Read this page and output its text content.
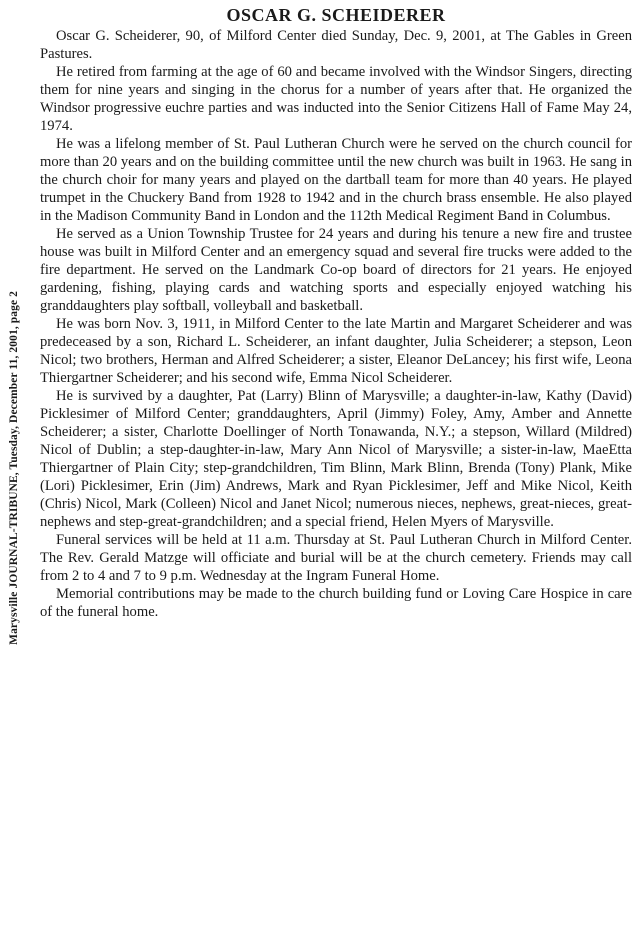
Marysville JOURNAL-TRIBUNE, Tuesday, December 11, 2001, page 2
OSCAR G. SCHEIDERER

Oscar G. Scheiderer, 90, of Milford Center died Sunday, Dec. 9, 2001, at The Gables in Green Pastures.

He retired from farming at the age of 60 and became involved with the Windsor Singers, directing them for nine years and singing in the chorus for a number of years after that. He organized the Windsor progressive euchre parties and was inducted into the Senior Citizens Hall of Fame May 24, 1974.

He was a lifelong member of St. Paul Lutheran Church were he served on the church council for more than 20 years and on the building committee until the new church was built in 1963. He sang in the church choir for many years and played on the dartball team for more than 40 years. He played trumpet in the Chuckery Band from 1928 to 1942 and in the church brass ensemble. He also played in the Madison Community Band in London and the 112th Medical Regiment Band in Columbus.

He served as a Union Township Trustee for 24 years and during his tenure a new fire and trustee house was built in Milford Center and an emergency squad and several fire trucks were added to the fire department. He served on the Landmark Co-op board of directors for 21 years. He enjoyed gardening, fishing, playing cards and watching sports and especially enjoyed watching his granddaughters play softball, volleyball and basketball.

He was born Nov. 3, 1911, in Milford Center to the late Martin and Margaret Scheiderer and was predeceased by a son, Richard L. Scheiderer, an infant daughter, Julia Scheiderer; a stepson, Leon Nicol; two brothers, Herman and Alfred Scheiderer; a sister, Eleanor DeLancey; his first wife, Leona Thiergartner Scheiderer; and his second wife, Emma Nicol Scheiderer.

He is survived by a daughter, Pat (Larry) Blinn of Marysville; a daughter-in-law, Kathy (David) Picklesimer of Milford Center; granddaughters, April (Jimmy) Foley, Amy, Amber and Annette Scheiderer; a sister, Charlotte Doellinger of North Tonawanda, N.Y.; a stepson, Willard (Mildred) Nicol of Dublin; a step-daughter-in-law, Mary Ann Nicol of Marysville; a sister-in-law, MaeEtta Thiergartner of Plain City; step-grandchildren, Tim Blinn, Mark Blinn, Brenda (Tony) Plank, Mike (Lori) Picklesimer, Erin (Jim) Andrews, Mark and Ryan Picklesimer, Jeff and Mike Nicol, Keith (Chris) Nicol, Mark (Colleen) Nicol and Janet Nicol; numerous nieces, nephews, great-nieces, great-nephews and step-great-grandchildren; and a special friend, Helen Myers of Marysville.

Funeral services will be held at 11 a.m. Thursday at St. Paul Lutheran Church in Milford Center. The Rev. Gerald Matzge will officiate and burial will be at the church cemetery. Friends may call from 2 to 4 and 7 to 9 p.m. Wednesday at the Ingram Funeral Home.

Memorial contributions may be made to the church building fund or Loving Care Hospice in care of the funeral home.
